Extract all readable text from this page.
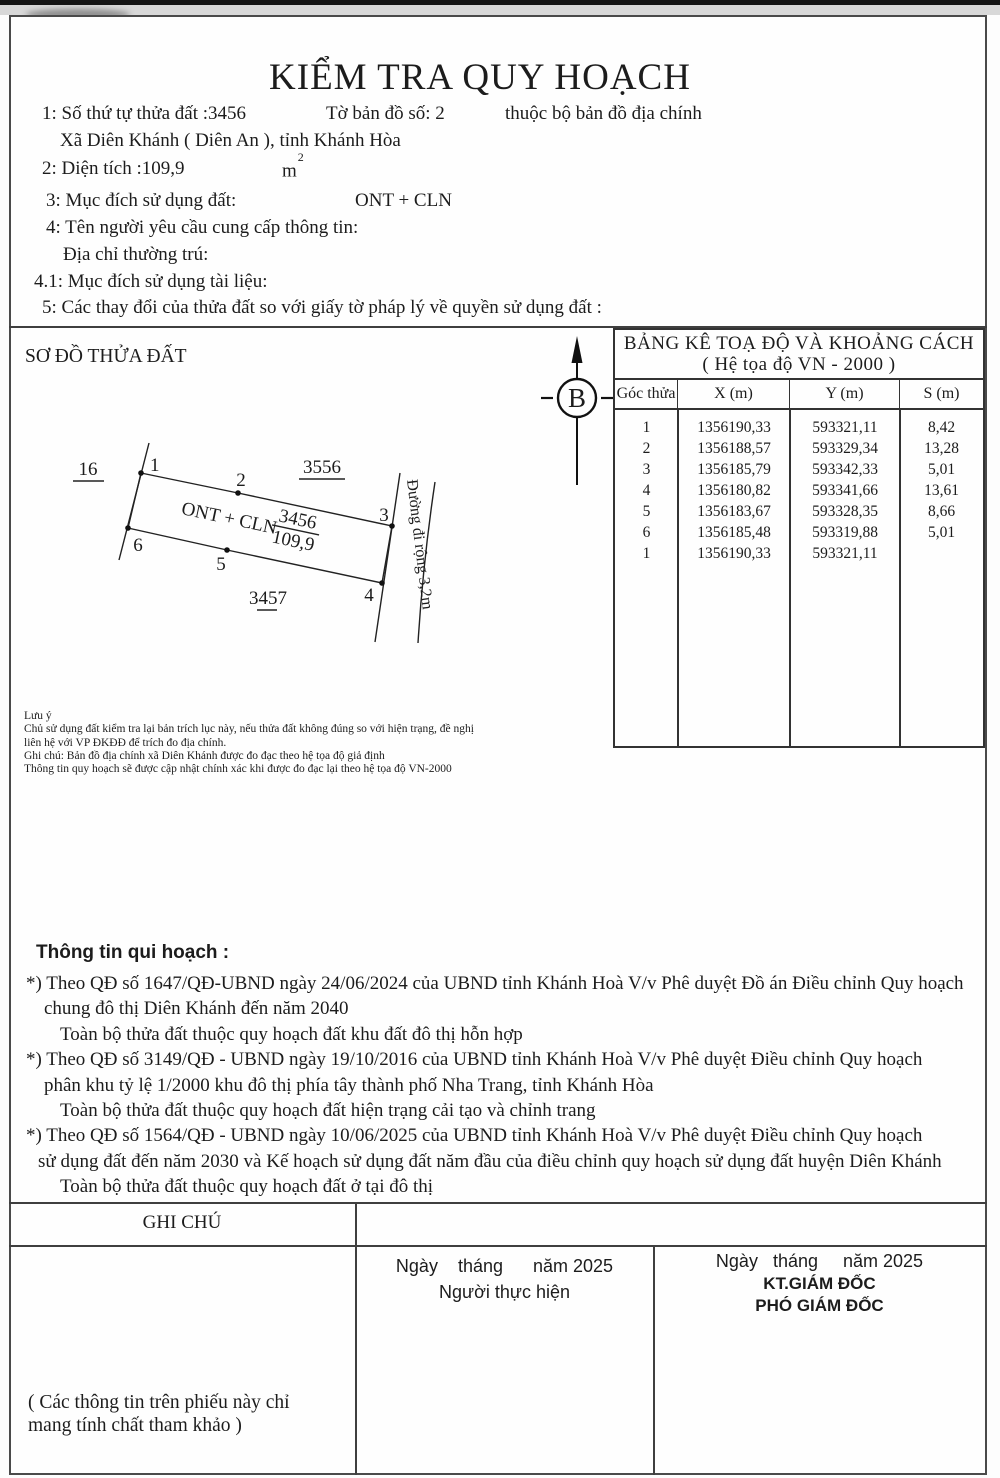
KIỂM TRA QUY HOẠCH
1: Số thứ tự thửa đất :3456	Tờ bản đồ số: 2	thuộc bộ bản đồ địa chính
Xã Diên Khánh ( Diên An ), tỉnh Khánh Hòa
2: Diện tích :109,9	$m^2$
3: Mục đích sử dụng đất:	ONT + CLN
4: Tên người yêu cầu cung cấp thông tin:
Địa chỉ thường trú:
4.1: Mục đích sử dụng tài liệu:
5: Các thay đổi của thửa đất so với giấy tờ pháp lý về quyền sử dụng đất :
SƠ ĐỒ THỬA ĐẤT
16	3556
3457
1
2
3
4
5
6
ONT + CLN
3456
109,9	Đường đi rộng 3,2m
B
BẢNG KÊ TOẠ ĐỘ VÀ KHOẢNG CÁCH
( Hệ tọa độ VN - 2000 )
Góc thửa	X (m)	Y (m)	S (m)
1	1356190,33	593321,11	8,42
2	1356188,57	593329,34	13,28
3	1356185,79	593342,33	5,01
4	1356180,82	593341,66	13,61
5	1356183,67	593328,35	8,66
6	1356185,48	593319,88	5,01
1	1356190,33	593321,11
Lưu ý
Chủ sử dụng đất kiểm tra lại bản trích lục này, nếu thửa đất không đúng so với hiện trạng, đề nghị
liên hệ với VP ĐKĐĐ để trích đo địa chính.
Ghi chú: Bản đồ địa chính xã Diên Khánh được đo đạc theo hệ tọa độ giả định
Thông tin quy hoạch sẽ được cập nhật chính xác khi được đo đạc lại theo hệ tọa độ VN-2000
Thông tin qui hoạch :
*) Theo QĐ số 1647/QĐ-UBND ngày 24/06/2024 của UBND tỉnh Khánh Hoà V/v Phê duyệt Đồ án Điều chỉnh Quy hoạch
chung đô thị Diên Khánh đến năm 2040
Toàn bộ thửa đất thuộc quy hoạch đất khu đất đô thị hỗn hợp
*) Theo QĐ số 3149/QĐ - UBND ngày 19/10/2016 của UBND tỉnh Khánh Hoà V/v Phê duyệt Điều chỉnh Quy hoạch
phân khu tỷ lệ 1/2000 khu đô thị phía tây thành phố Nha Trang, tỉnh Khánh Hòa
Toàn bộ thửa đất thuộc quy hoạch đất hiện trạng cải tạo và chỉnh trang
*) Theo QĐ số 1564/QĐ - UBND ngày 10/06/2025 của UBND tỉnh Khánh Hoà V/v Phê duyệt Điều chỉnh Quy hoạch
sử dụng đất đến năm 2030 và Kế hoạch sử dụng đất năm đầu của điều chỉnh quy hoạch sử dụng đất huyện Diên Khánh
Toàn bộ thửa đất thuộc quy hoạch đất ở tại đô thị
GHI CHÚ
Ngày    tháng      năm 2025
Người thực hiện
Ngày   tháng     năm 2025
KT.GIÁM ĐỐC
PHÓ GIÁM ĐỐC
( Các thông tin trên phiếu này chỉ
mang tính chất tham khảo )
